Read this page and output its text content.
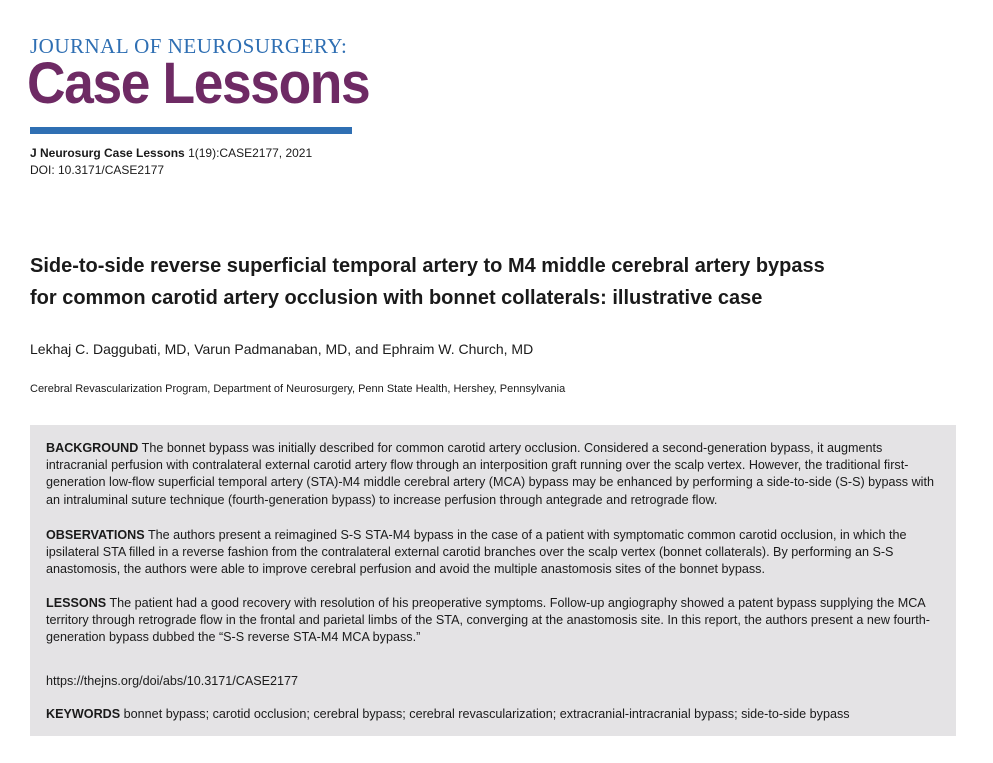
JOURNAL OF NEUROSURGERY:
Case Lessons
J Neurosurg Case Lessons 1(19):CASE2177, 2021
DOI: 10.3171/CASE2177
Side-to-side reverse superficial temporal artery to M4 middle cerebral artery bypass
for common carotid artery occlusion with bonnet collaterals: illustrative case
Lekhaj C. Daggubati, MD, Varun Padmanaban, MD, and Ephraim W. Church, MD
Cerebral Revascularization Program, Department of Neurosurgery, Penn State Health, Hershey, Pennsylvania
BACKGROUND The bonnet bypass was initially described for common carotid artery occlusion. Considered a second-generation bypass, it augments intracranial perfusion with contralateral external carotid artery flow through an interposition graft running over the scalp vertex. However, the traditional first-generation low-flow superficial temporal artery (STA)-M4 middle cerebral artery (MCA) bypass may be enhanced by performing a side-to-side (S-S) bypass with an intraluminal suture technique (fourth-generation bypass) to increase perfusion through antegrade and retrograde flow.
OBSERVATIONS The authors present a reimagined S-S STA-M4 bypass in the case of a patient with symptomatic common carotid occlusion, in which the ipsilateral STA filled in a reverse fashion from the contralateral external carotid branches over the scalp vertex (bonnet collaterals). By performing an S-S anastomosis, the authors were able to improve cerebral perfusion and avoid the multiple anastomosis sites of the bonnet bypass.
LESSONS The patient had a good recovery with resolution of his preoperative symptoms. Follow-up angiography showed a patent bypass supplying the MCA territory through retrograde flow in the frontal and parietal limbs of the STA, converging at the anastomosis site. In this report, the authors present a new fourth-generation bypass dubbed the “S-S reverse STA-M4 MCA bypass.”
https://thejns.org/doi/abs/10.3171/CASE2177
KEYWORDS bonnet bypass; carotid occlusion; cerebral bypass; cerebral revascularization; extracranial-intracranial bypass; side-to-side bypass
